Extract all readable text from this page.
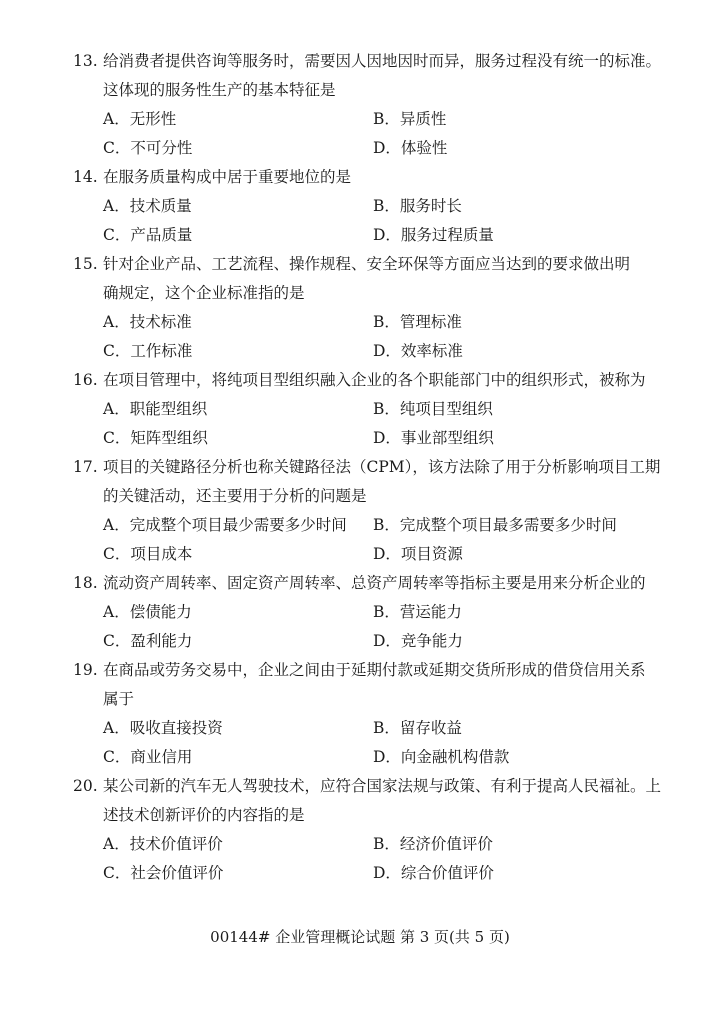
13. 给消费者提供咨询等服务时，需要因人因地因时而异，服务过程没有统一的标准。
这体现的服务性生产的基本特征是
A．无形性	B．异质性
C．不可分性	D．体验性
14. 在服务质量构成中居于重要地位的是
A．技术质量	B．服务时长
C．产品质量	D．服务过程质量
15. 针对企业产品、工艺流程、操作规程、安全环保等方面应当达到的要求做出明
确规定，这个企业标准指的是
A．技术标准	B．管理标准
C．工作标准	D．效率标准
16. 在项目管理中，将纯项目型组织融入企业的各个职能部门中的组织形式，被称为
A．职能型组织	B．纯项目型组织
C．矩阵型组织	D．事业部型组织
17. 项目的关键路径分析也称关键路径法（CPM），该方法除了用于分析影响项目工期
的关键活动，还主要用于分析的问题是
A．完成整个项目最少需要多少时间 B．完成整个项目最多需要多少时间
C．项目成本	D．项目资源
18. 流动资产周转率、固定资产周转率、总资产周转率等指标主要是用来分析企业的
A．偿债能力	B．营运能力
C．盈利能力	D．竞争能力
19. 在商品或劳务交易中，企业之间由于延期付款或延期交货所形成的借贷信用关系
属于
A．吸收直接投资	B．留存收益
C．商业信用	D．向金融机构借款
20. 某公司新的汽车无人驾驶技术，应符合国家法规与政策、有利于提高人民福祉。上
述技术创新评价的内容指的是
A．技术价值评价	B．经济价值评价
C．社会价值评价	D．综合价值评价
00144# 企业管理概论试题 第 3 页(共 5 页)
